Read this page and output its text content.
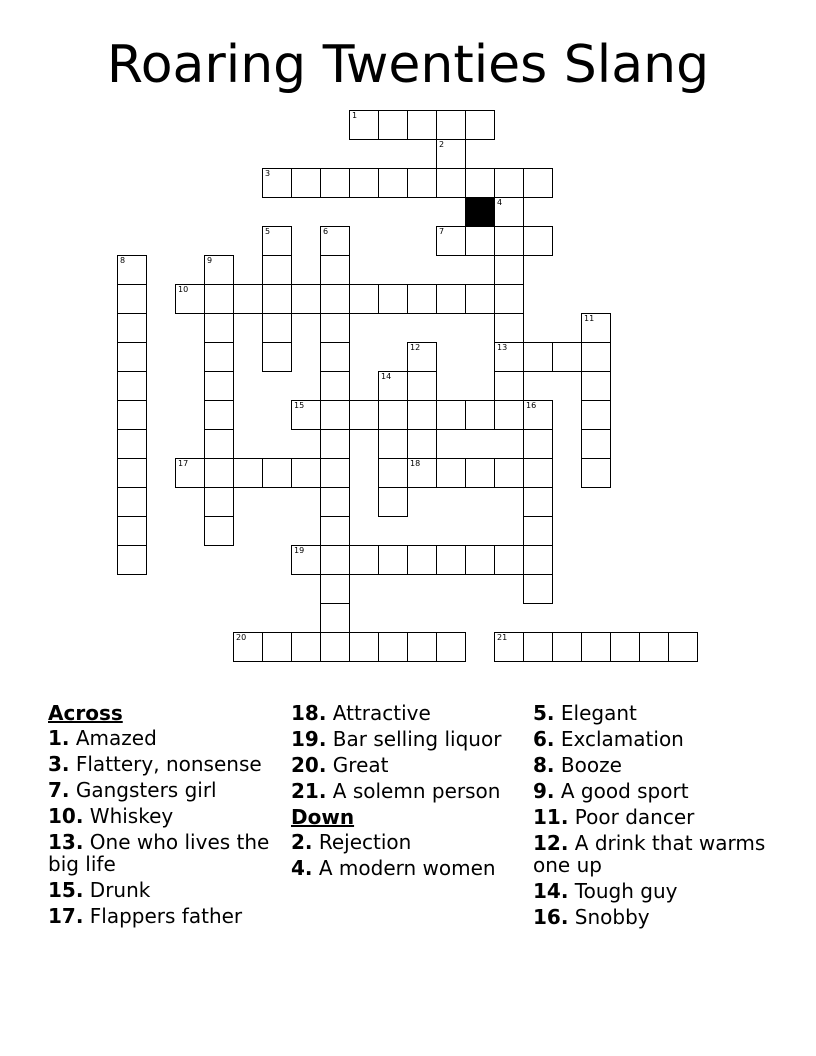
Roaring Twenties Slang
1
2
3
4
13
5	6	7
8	9
10
11
12
14
15	16
17	18
19
20	21
Across
1. Amazed
3. Flattery, nonsense
7. Gangsters girl
10. Whiskey
13. One who lives the big life
15. Drunk
17. Flappers father
18. Attractive
19. Bar selling liquor
20. Great
21. A solemn person
Down
2. Rejection
4. A modern women
5. Elegant
6. Exclamation
8. Booze
9. A good sport
11. Poor dancer
12. A drink that warms one up
14. Tough guy
16. Snobby
